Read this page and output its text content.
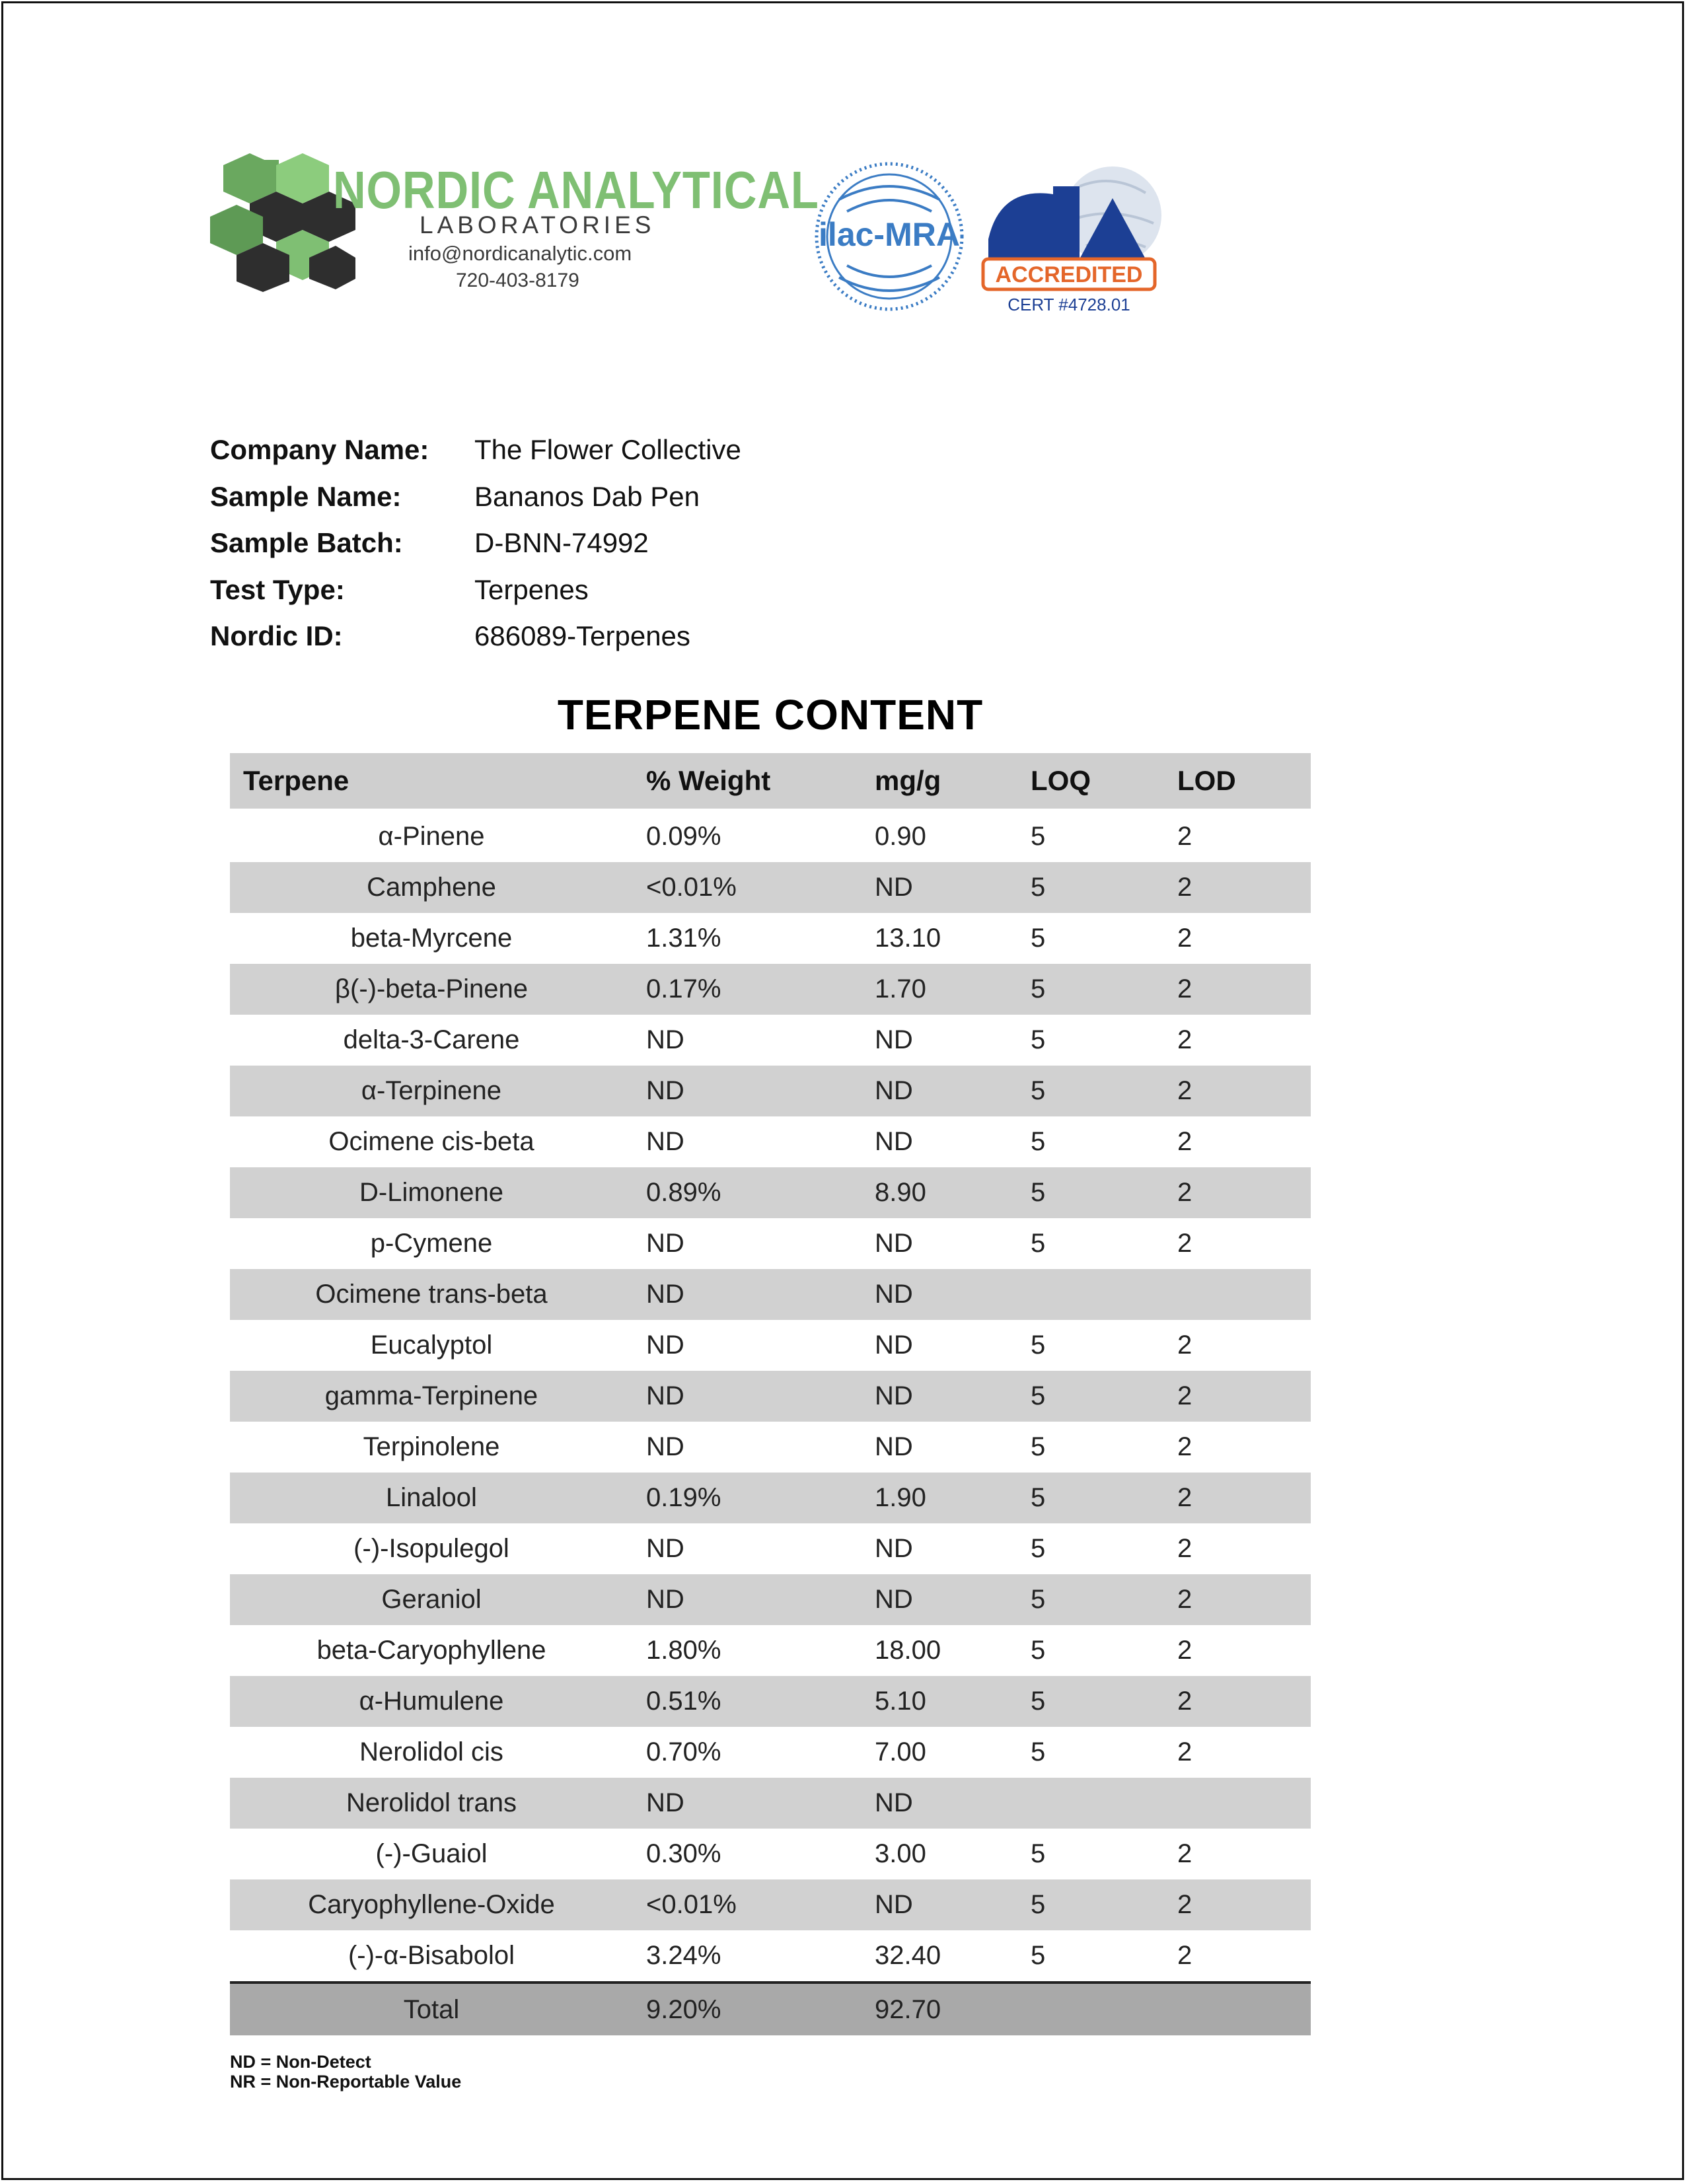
NORDIC ANALYTICAL

LABORATORIES

info@nordicanalytic.com

720-403-8179

ilac-MRA
ACCREDITED
CERT #4728.01
Company Name:	The Flower Collective
Sample Name:	Bananos Dab Pen
Sample Batch:	D-BNN-74992
Test Type:	Terpenes
Nordic ID:	686089-Terpenes
TERPENE CONTENT
Terpene	% Weight	mg/g	LOQ	LOD
α-Pinene	0.09%	0.90	5	2
Camphene	<0.01%	ND	5	2
beta-Myrcene	1.31%	13.10	5	2
β(-)-beta-Pinene	0.17%	1.70	5	2
delta-3-Carene	ND	ND	5	2
α-Terpinene	ND	ND	5	2
Ocimene cis-beta	ND	ND	5	2
D-Limonene	0.89%	8.90	5	2
p-Cymene	ND	ND	5	2
Ocimene trans-beta	ND	ND		
Eucalyptol	ND	ND	5	2
gamma-Terpinene	ND	ND	5	2
Terpinolene	ND	ND	5	2
Linalool	0.19%	1.90	5	2
(-)-Isopulegol	ND	ND	5	2
Geraniol	ND	ND	5	2
beta-Caryophyllene	1.80%	18.00	5	2
α-Humulene	0.51%	5.10	5	2
Nerolidol cis	0.70%	7.00	5	2
Nerolidol trans	ND	ND		
(-)-Guaiol	0.30%	3.00	5	2
Caryophyllene-Oxide	<0.01%	ND	5	2
(-)-α-Bisabolol	3.24%	32.40	5	2
Total	9.20%	92.70		
ND = Non-Detect
NR = Non-Reportable Value
